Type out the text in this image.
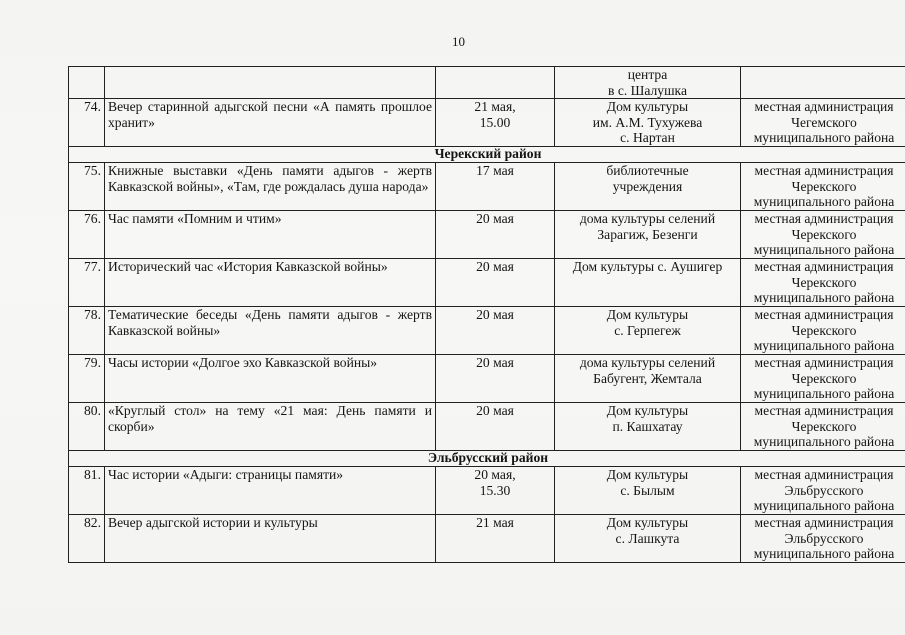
10

			центра
в с. Шалушка	

74.	Вечер старинной адыгской песни «А память прошлое хранит»	21 мая,
15.00	Дом культуры
им. А.М. Тухужева
с. Нартан	местная администрация
Чегемского
муниципального района

Черекский район				

75.	Книжные выставки «День памяти адыгов - жертв Кавказской войны», «Там, где рождалась душа народа»	17 мая	библиотечные
учреждения	местная администрация
Черекского
муниципального района

76.	Час памяти «Помним и чтим»	20 мая	дома культуры селений
Зарагиж, Безенги	местная администрация
Черекского
муниципального района

77.	Исторический час «История Кавказской войны»	20 мая	Дом культуры с. Аушигер	местная администрация
Черекского
муниципального района

78.	Тематические беседы «День памяти адыгов - жертв Кавказской войны»	20 мая	Дом культуры
с. Герпегеж	местная администрация
Черекского
муниципального района

79.	Часы истории «Долгое эхо Кавказской войны»	20 мая	дома культуры селений
Бабугент, Жемтала	местная администрация
Черекского
муниципального района

80.	«Круглый стол» на тему «21 мая: День памяти и скорби»	20 мая	Дом культуры
п. Кашхатау	местная администрация
Черекского
муниципального района

Эльбрусский район				

81.	Час истории «Адыги: страницы памяти»	20 мая,
15.30	Дом культуры
с. Былым	местная администрация
Эльбрусского
муниципального района

82.	Вечер адыгской истории и культуры	21 мая	Дом культуры
с. Лашкута	местная администрация
Эльбрусского
муниципального района
